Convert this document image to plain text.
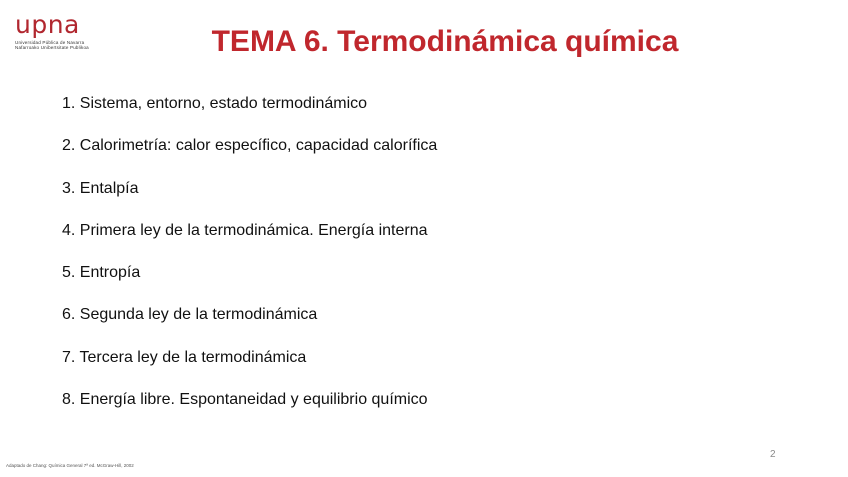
upna
Universidad Pública de Navarra
Nafarroako Unibertsitate Publikoa	TEMA 6. Termodinámica química
1. Sistema, entorno, estado termodinámico
2. Calorimetría: calor específico, capacidad calorífica
3. Entalpía
4. Primera ley de la termodinámica. Energía interna
5. Entropía
6. Segunda ley de la termodinámica
7. Tercera ley de la termodinámica
8. Energía libre. Espontaneidad y equilibrio químico
2
Adaptado de Chang: Química General 7ª ed. McGraw-Hill, 2002
